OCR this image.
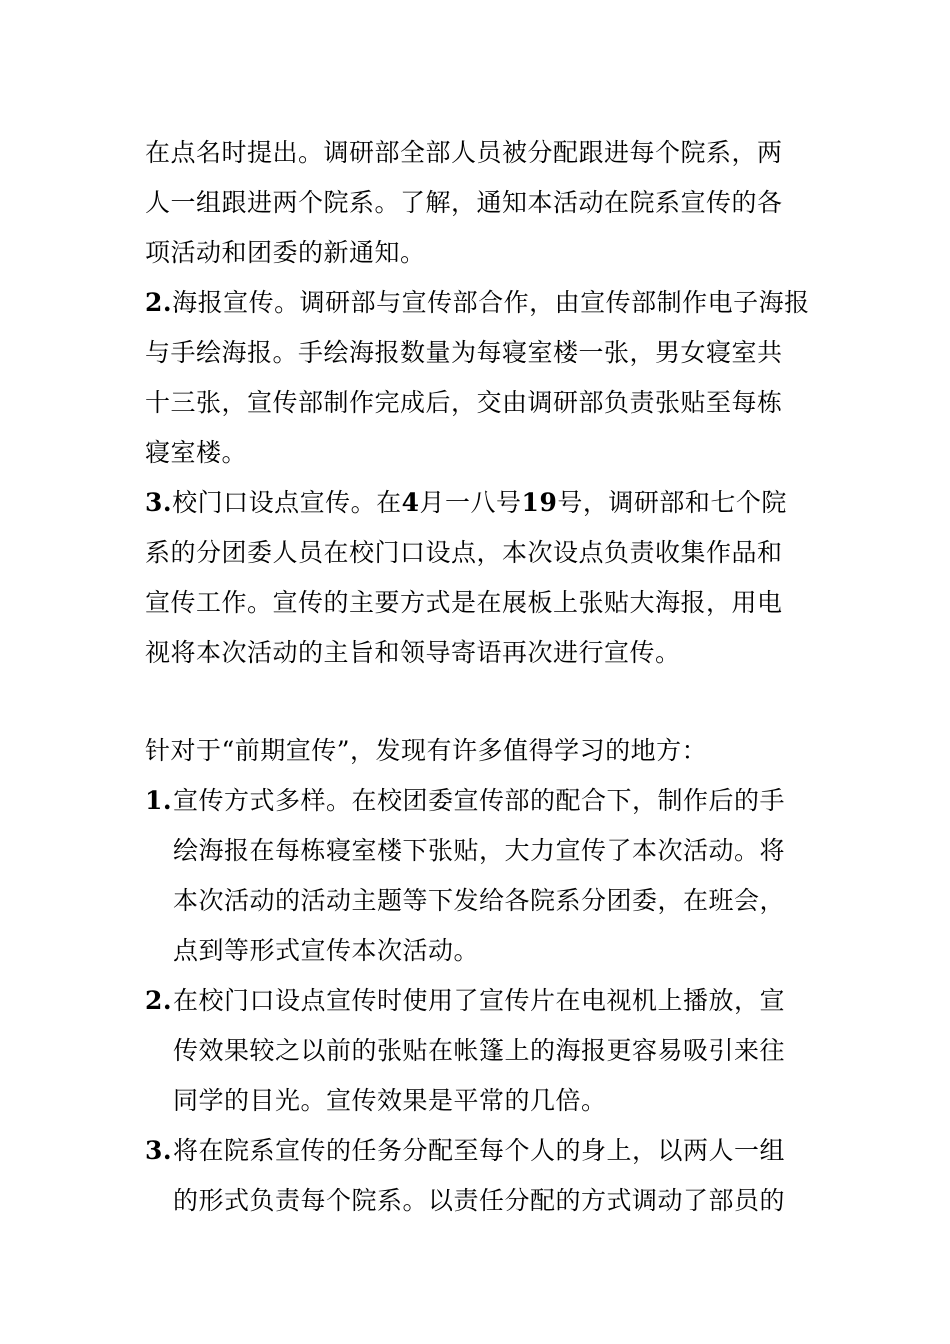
在点名时提出。调研部全部人员被分配跟进每个院系，两
人一组跟进两个院系。了解，通知本活动在院系宣传的各
项活动和团委的新通知。

2.海报宣传。调研部与宣传部合作，由宣传部制作电子海报
与手绘海报。手绘海报数量为每寝室楼一张，男女寝室共
十三张，宣传部制作完成后，交由调研部负责张贴至每栋
寝室楼。

3.校门口设点宣传。在4月一八号19号，调研部和七个院
系的分团委人员在校门口设点，本次设点负责收集作品和
宣传工作。宣传的主要方式是在展板上张贴大海报，用电
视将本次活动的主旨和领导寄语再次进行宣传。

针对于“前期宣传”，发现有许多值得学习的地方：

1. 宣传方式多样。在校团委宣传部的配合下，制作后的手
绘海报在每栋寝室楼下张贴，大力宣传了本次活动。将
本次活动的活动主题等下发给各院系分团委，在班会，
点到等形式宣传本次活动。
2. 在校门口设点宣传时使用了宣传片在电视机上播放，宣
传效果较之以前的张贴在帐篷上的海报更容易吸引来往
同学的目光。宣传效果是平常的几倍。
3. 将在院系宣传的任务分配至每个人的身上，以两人一组
的形式负责每个院系。以责任分配的方式调动了部员的
